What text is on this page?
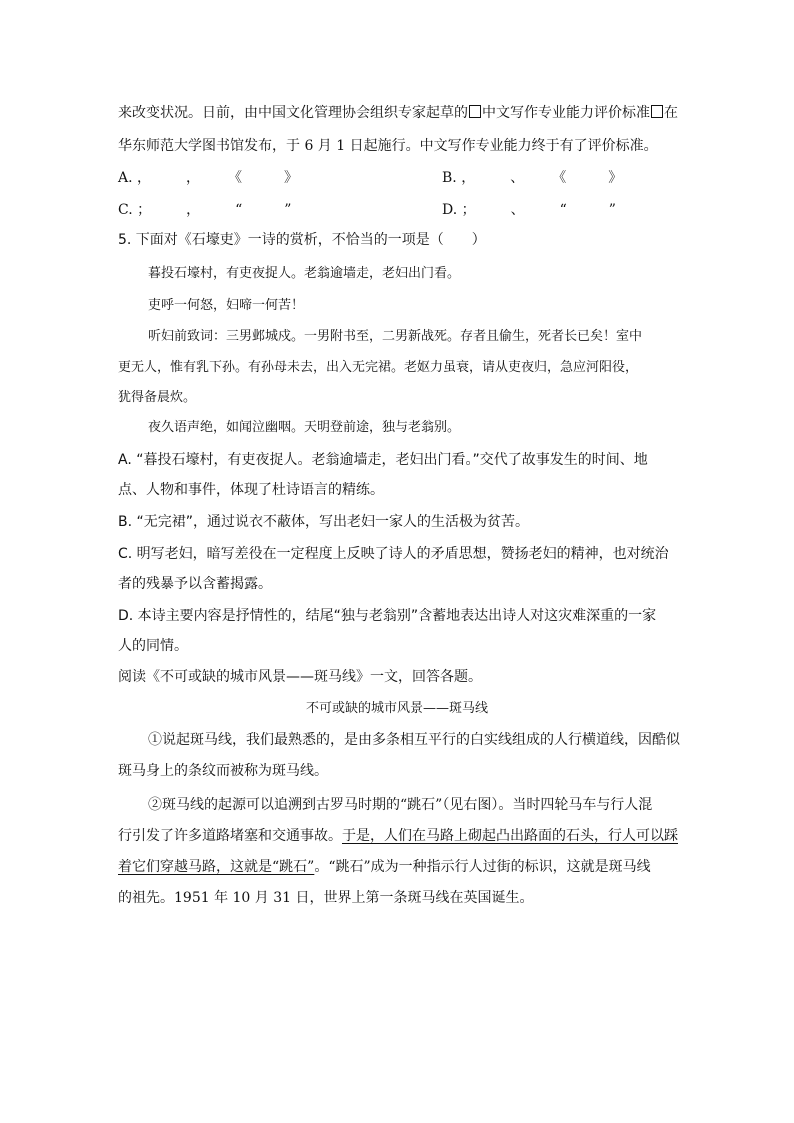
来改变状况。日前，由中国文化管理协会组织专家起草的 中文写作专业能力评价标准 在
华东师范大学图书馆发布，于 6 月 1 日起施行。中文写作专业能力终于有了评价标准。
A. ，　　　，　　　《　　　》	B. ，　　　、　　　《　　　》
C. ；　　　，　　　“　　　”	D. ；　　　、　　　“　　　”
5. 下面对《石壕吏》一诗的赏析，不恰当的一项是（　　）
暮投石壕村，有吏夜捉人。老翁逾墙走，老妇出门看。
吏呼一何怒，妇啼一何苦！
听妇前致词：三男邺城戍。一男附书至，二男新战死。存者且偷生，死者长已矣！室中
更无人，惟有乳下孙。有孙母未去，出入无完裙。老妪力虽衰，请从吏夜归，急应河阳役，
犹得备晨炊。
夜久语声绝，如闻泣幽咽。天明登前途，独与老翁别。
A. “暮投石壕村，有吏夜捉人。老翁逾墙走，老妇出门看。”交代了故事发生的时间、地
点、人物和事件，体现了杜诗语言的精练。
B. “无完裙”，通过说衣不蔽体，写出老妇一家人的生活极为贫苦。
C. 明写老妇，暗写差役在一定程度上反映了诗人的矛盾思想，赞扬老妇的精神，也对统治
者的残暴予以含蓄揭露。
D. 本诗主要内容是抒情性的，结尾“独与老翁别”含蓄地表达出诗人对这灾难深重的一家
人的同情。
阅读《不可或缺的城市风景——斑马线》一文，回答各题。
不可或缺的城市风景——斑马线
①说起斑马线，我们最熟悉的，是由多条相互平行的白实线组成的人行横道线，因酷似
斑马身上的条纹而被称为斑马线。
②斑马线的起源可以追溯到古罗马时期的“跳石”（见右图）。当时四轮马车与行人混
行引发了许多道路堵塞和交通事故。于是，人们在马路上砌起凸出路面的石头，行人可以踩
着它们穿越马路，这就是“跳石”。“跳石”成为一种指示行人过街的标识，这就是斑马线
的祖先。1951 年 10 月 31 日，世界上第一条斑马线在英国诞生。
